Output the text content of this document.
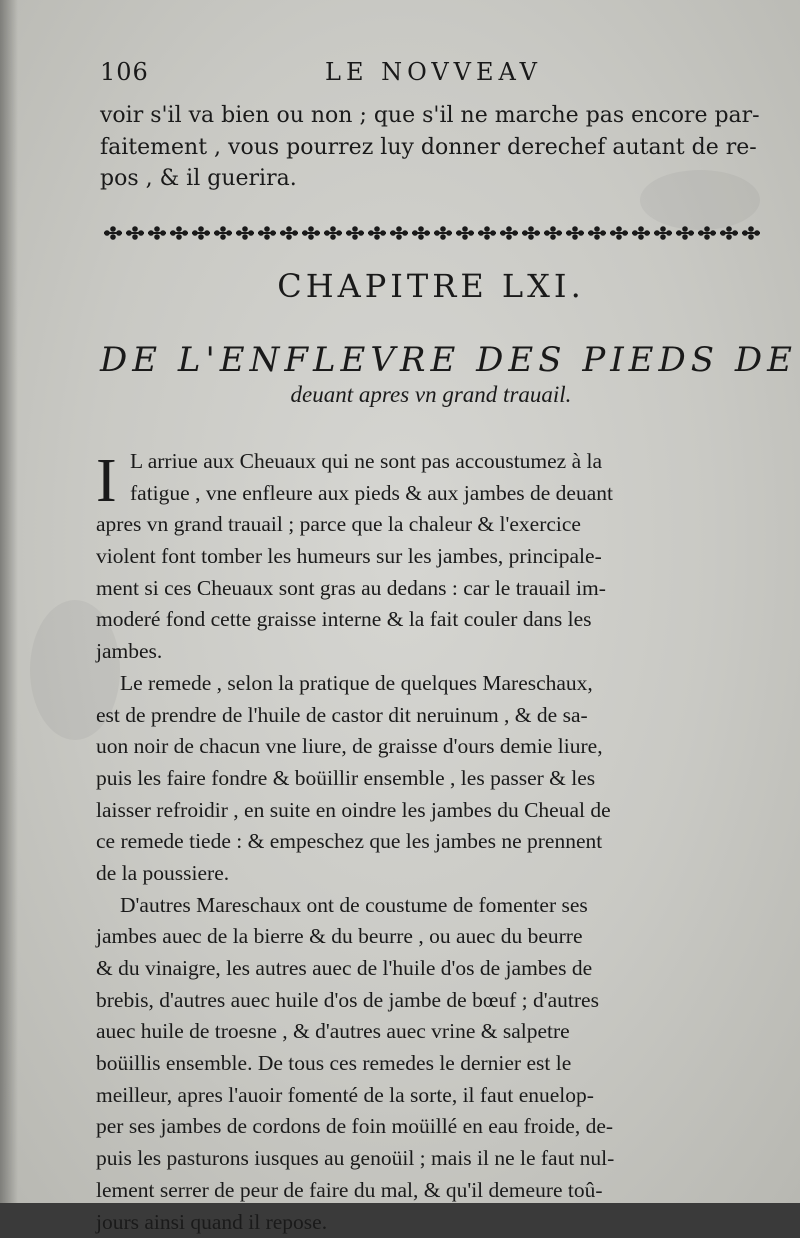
106	LE NOVVEAV
voir s'il va bien ou non ; que s'il ne marche pas encore par-
faitement , vous pourrez luy donner derechef autant de re-
pos , & il guerira.
CHAPITRE LXI.
DE L'ENFLEVRE DES PIEDS DE
deuant apres vn grand trauail.
I L arriue aux Cheuaux qui ne sont pas accoustumez à la
fatigue , vne enfleure aux pieds & aux jambes de deuant
apres vn grand trauail ; parce que la chaleur & l'exercice
violent font tomber les humeurs sur les jambes, principale-
ment si ces Cheuaux sont gras au dedans : car le trauail im-
moderé fond cette graisse interne & la fait couler dans les
jambes.
Le remede , selon la pratique de quelques Mareschaux,
est de prendre de l'huile de castor dit neruinum , & de sa-
uon noir de chacun vne liure, de graisse d'ours demie liure,
puis les faire fondre & boüillir ensemble , les passer & les
laisser refroidir , en suite en oindre les jambes du Cheual de
ce remede tiede : & empeschez que les jambes ne prennent
de la poussiere.
D'autres Mareschaux ont de coustume de fomenter ses
jambes auec de la bierre & du beurre , ou auec du beurre
& du vinaigre, les autres auec de l'huile d'os de jambes de
brebis, d'autres auec huile d'os de jambe de bœuf ; d'autres
auec huile de troesne , & d'autres auec vrine & salpetre
boüillis ensemble. De tous ces remedes le dernier est le
meilleur, apres l'auoir fomenté de la sorte, il faut enuelop-
per ses jambes de cordons de foin moüillé en eau froide, de-
puis les pasturons iusques au genoüil ; mais il ne le faut nul-
lement serrer de peur de faire du mal, & qu'il demeure toû-
jours ainsi quand il repose.
